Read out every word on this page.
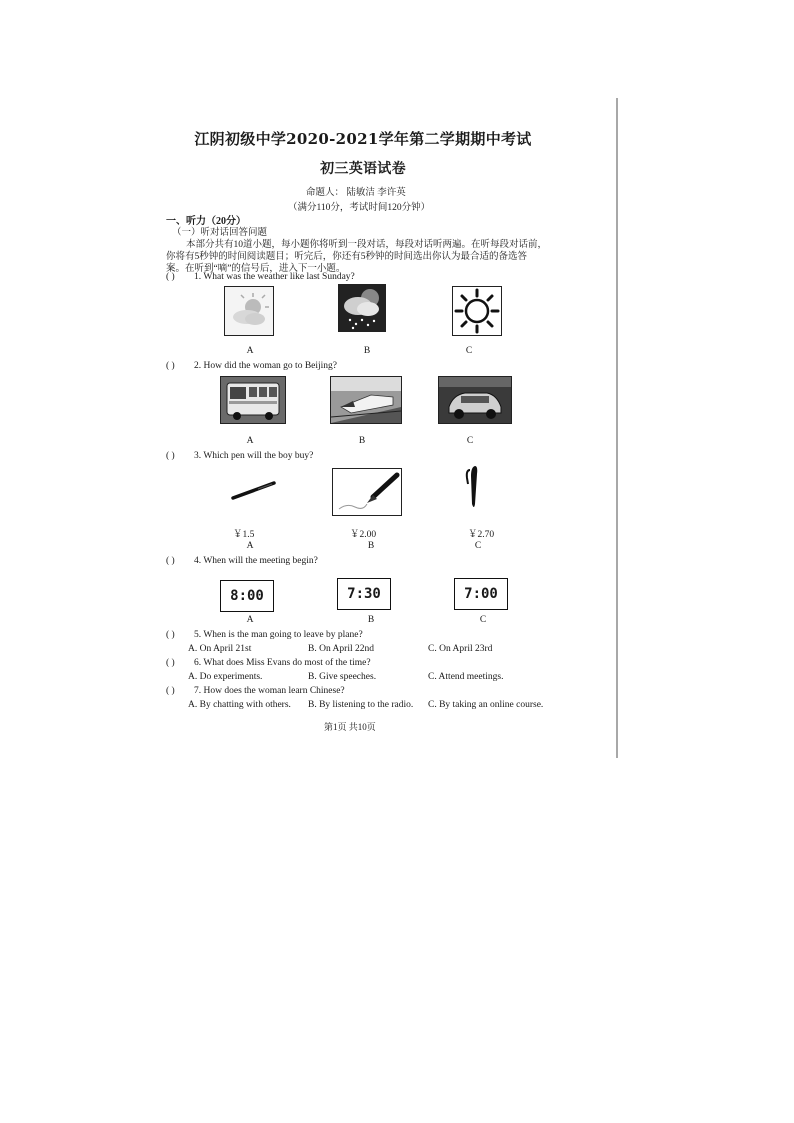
江阴初级中学2020-2021学年第二学期期中考试
初三英语试卷
命题人： 陆敏洁 李许英
（满分110分，考试时间120分钟）
一、听力（20分）
（一）听对话回答问题
本部分共有10道小题，每小题你将听到一段对话，每段对话听两遍。在听每段对话前，
你将有5秒钟的时间阅读题目；听完后，你还有5秒钟的时间选出你认为最合适的备选答
案。在听到“嘀”的信号后，进入下一小题。
( ) 1. What was the weather like last Sunday?
A	B	C
( ) 2. How did the woman go to Beijing?
A	B	C
( ) 3. Which pen will the boy buy?
￥1.5	￥2.00	￥2.70
A	B	C
( ) 4. When will the meeting begin?
8:00	7:30	7:00
A	B	C
( ) 5. When is the man going to leave by plane?
A. On April 21st	B. On April 22nd	C. On April 23rd
( ) 6. What does Miss Evans do most of the time?
A. Do experiments.	B. Give speeches.	C. Attend meetings.
( ) 7. How does the woman learn Chinese?
A. By chatting with others. B. By listening to the radio. C. By taking an online course.
第1页 共10页
